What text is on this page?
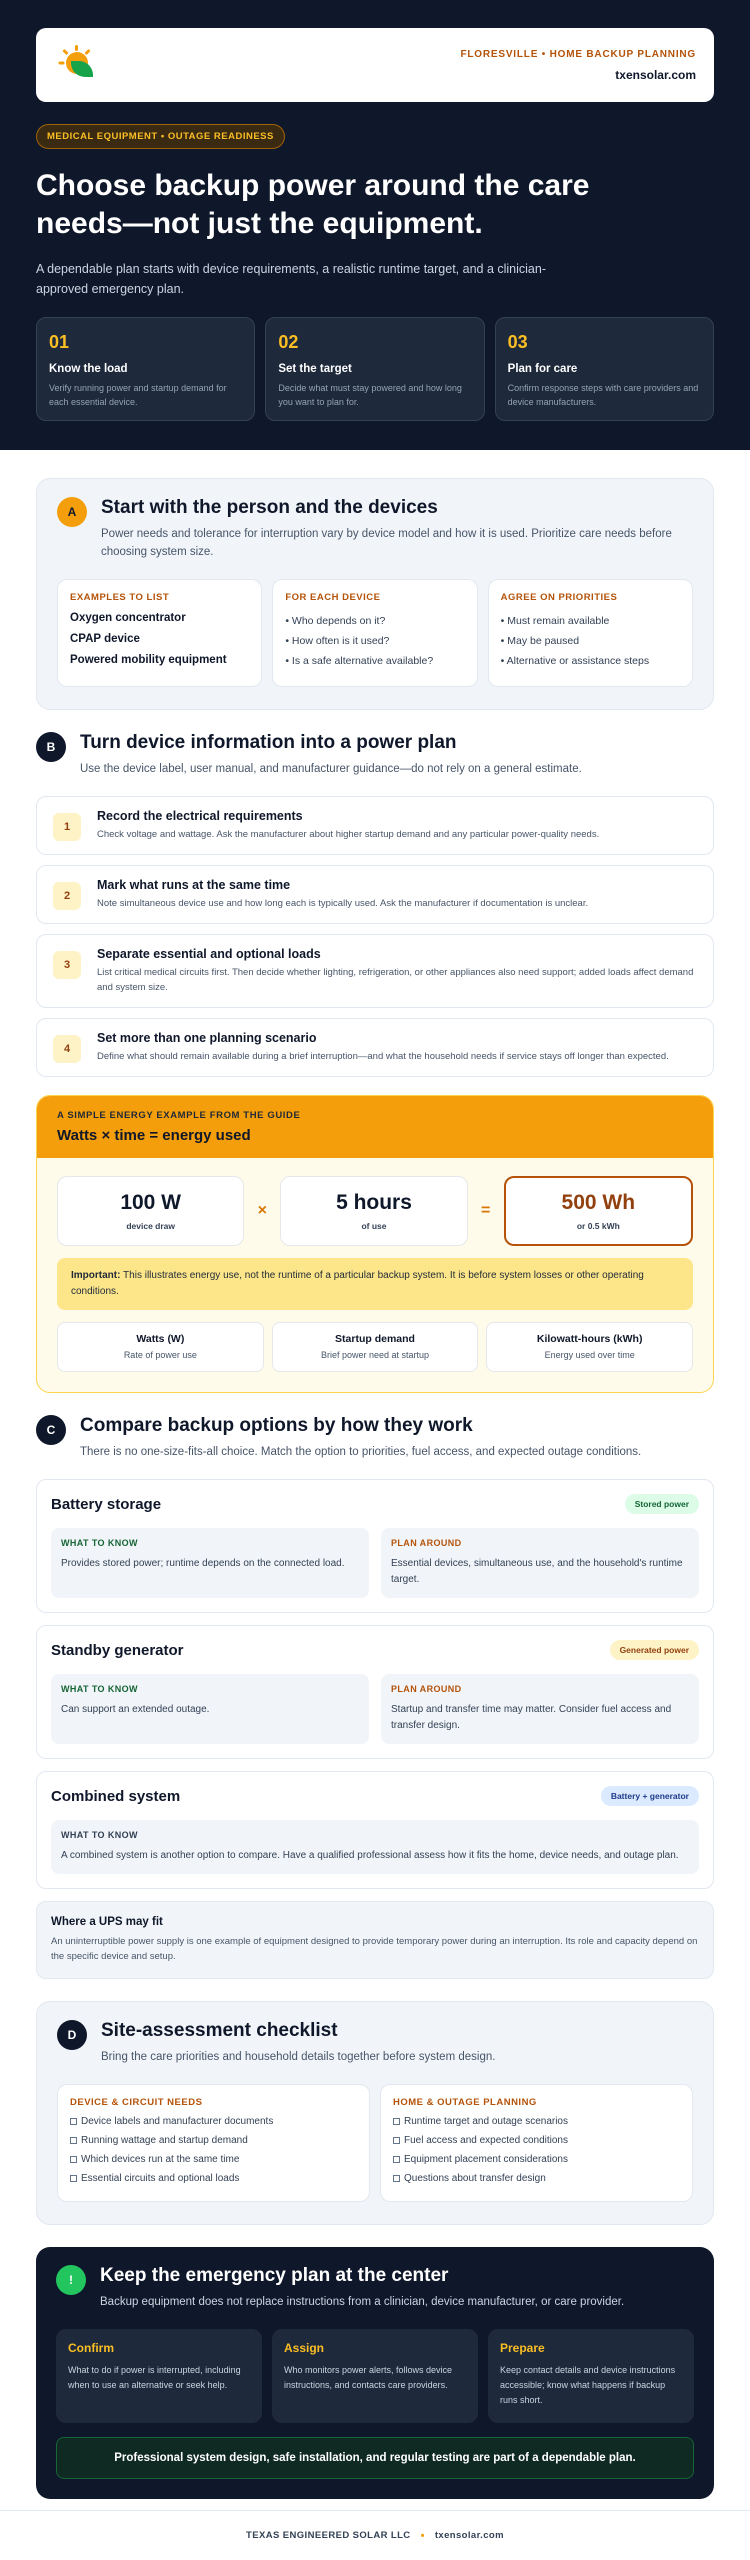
FLORESVILLE • HOME BACKUP PLANNING
txensolar.com
MEDICAL EQUIPMENT • OUTAGE READINESS
Choose backup power around the care needs—not just the equipment.

A dependable plan starts with device requirements, a realistic runtime target, and a clinician-approved emergency plan.

01
Know the load
Verify running power and startup demand for each essential device.
02
Set the target
Decide what must stay powered and how long you want to plan for.
03
Plan for care
Confirm response steps with care providers and device manufacturers.
A	Start with the person and the devices
Power needs and tolerance for interruption vary by device model and how it is used. Prioritize care needs before choosing system size.
EXAMPLES TO LIST
Oxygen concentrator
CPAP device
Powered mobility equipment
FOR EACH DEVICE
• Who depends on it?
• How often is it used?
• Is a safe alternative available?
AGREE ON PRIORITIES
• Must remain available
• May be paused
• Alternative or assistance steps
B	Turn device information into a power plan
Use the device label, user manual, and manufacturer guidance—do not rely on a general estimate.
1
Record the electrical requirements
Check voltage and wattage. Ask the manufacturer about higher startup demand and any particular power-quality needs.
2
Mark what runs at the same time
Note simultaneous device use and how long each is typically used. Ask the manufacturer if documentation is unclear.
3
Separate essential and optional loads
List critical medical circuits first. Then decide whether lighting, refrigeration, or other appliances also need support; added loads affect demand and system size.
4
Set more than one planning scenario
Define what should remain available during a brief interruption—and what the household needs if service stays off longer than expected.
A SIMPLE ENERGY EXAMPLE FROM THE GUIDE
Watts × time = energy used
100 W
device draw
×	5 hours
of use
=	500 Wh
or 0.5 kWh
Important: This illustrates energy use, not the runtime of a particular backup system. It is before system losses or other operating conditions.
Watts (W)
Rate of power use
Startup demand
Brief power need at startup
Kilowatt-hours (kWh)
Energy used over time
C	Compare backup options by how they work
There is no one-size-fits-all choice. Match the option to priorities, fuel access, and expected outage conditions.
Battery storage	Stored power
WHAT TO KNOW
Provides stored power; runtime depends on the connected load.
PLAN AROUND
Essential devices, simultaneous use, and the household's runtime target.
Standby generator	Generated power
WHAT TO KNOW
Can support an extended outage.
PLAN AROUND
Startup and transfer time may matter. Consider fuel access and transfer design.
Combined system	Battery + generator
WHAT TO KNOW
A combined system is another option to compare. Have a qualified professional assess how it fits the home, device needs, and outage plan.
Where a UPS may fit
An uninterruptible power supply is one example of equipment designed to provide temporary power during an interruption. Its role and capacity depend on the specific device and setup.
D	Site-assessment checklist
Bring the care priorities and household details together before system design.
DEVICE & CIRCUIT NEEDS
Device labels and manufacturer documents
Running wattage and startup demand
Which devices run at the same time
Essential circuits and optional loads
HOME & OUTAGE PLANNING
Runtime target and outage scenarios
Fuel access and expected conditions
Equipment placement considerations
Questions about transfer design
!	Keep the emergency plan at the center
Backup equipment does not replace instructions from a clinician, device manufacturer, or care provider.
Confirm
What to do if power is interrupted, including when to use an alternative or seek help.
Assign
Who monitors power alerts, follows device instructions, and contacts care providers.
Prepare
Keep contact details and device instructions accessible; know what happens if backup runs short.
Professional system design, safe installation, and regular testing are part of a dependable plan.
TEXAS ENGINEERED SOLAR LLC • txensolar.com
